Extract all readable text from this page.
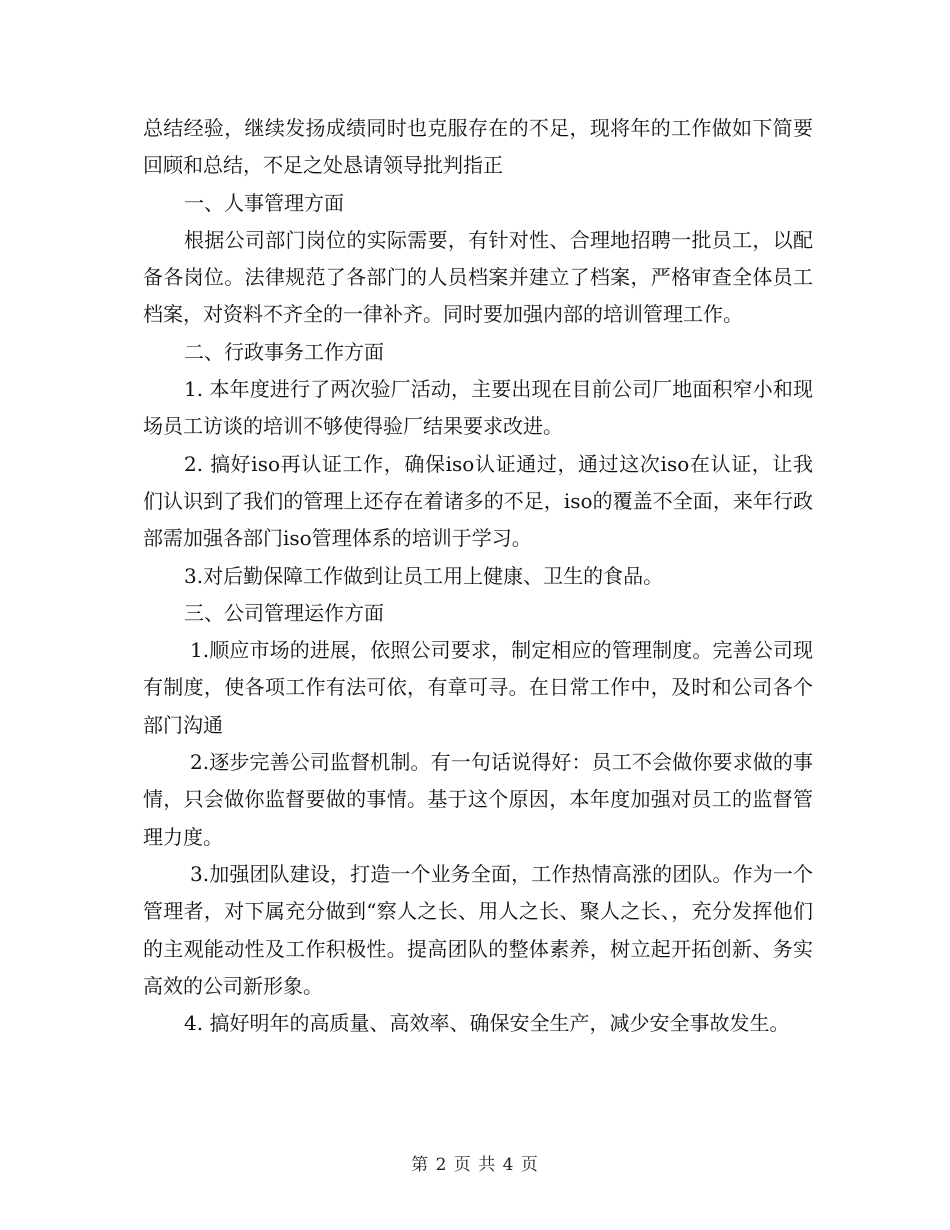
总结经验，继续发扬成绩同时也克服存在的不足，现将年的工作做如下简要回顾和总结，不足之处恳请领导批判指正

一、人事管理方面

根据公司部门岗位的实际需要，有针对性、合理地招聘一批员工，以配备各岗位。法律规范了各部门的人员档案并建立了档案，严格审查全体员工档案，对资料不齐全的一律补齐。同时要加强内部的培训管理工作。

二、行政事务工作方面

1. 本年度进行了两次验厂活动，主要出现在目前公司厂地面积窄小和现场员工访谈的培训不够使得验厂结果要求改进。

2. 搞好iso再认证工作，确保iso认证通过，通过这次iso在认证，让我们认识到了我们的管理上还存在着诸多的不足，iso的覆盖不全面，来年行政部需加强各部门iso管理体系的培训于学习。

3.对后勤保障工作做到让员工用上健康、卫生的食品。

三、公司管理运作方面

1.顺应市场的进展，依照公司要求，制定相应的管理制度。完善公司现有制度，使各项工作有法可依，有章可寻。在日常工作中，及时和公司各个部门沟通

2.逐步完善公司监督机制。有一句话说得好：员工不会做你要求做的事情，只会做你监督要做的事情。基于这个原因，本年度加强对员工的监督管理力度。

3.加强团队建设，打造一个业务全面，工作热情高涨的团队。作为一个管理者，对下属充分做到“察人之长、用人之长、聚人之长、，充分发挥他们的主观能动性及工作积极性。提高团队的整体素养，树立起开拓创新、务实高效的公司新形象。

4. 搞好明年的高质量、高效率、确保安全生产，减少安全事故发生。

第 2 页 共 4 页
